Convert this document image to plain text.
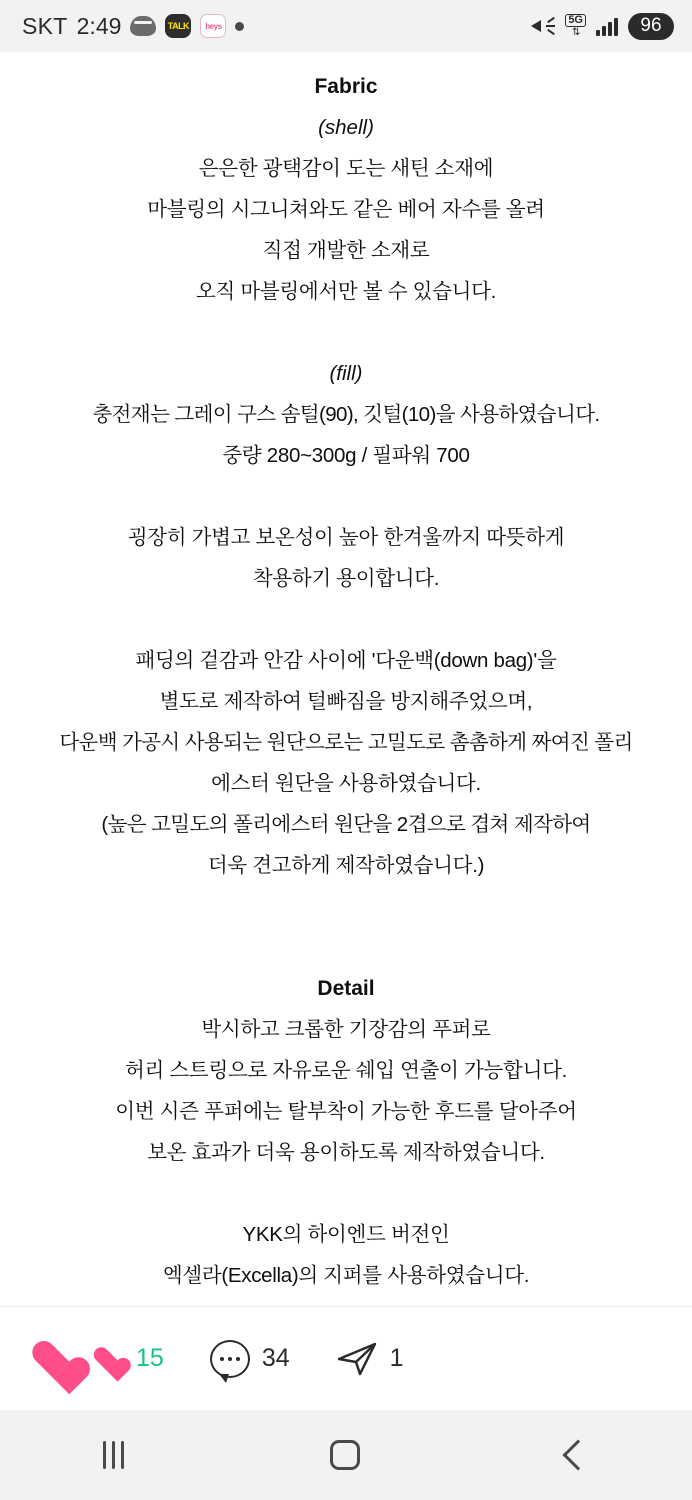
SKT 2:49	TALK	heys	5G
⇅	96
Fabric
(shell)
은은한 광택감이 도는 새틴 소재에
마블링의 시그니쳐와도 같은 베어 자수를 올려
직접 개발한 소재로
오직 마블링에서만 볼 수 있습니다.
(fill)
충전재는 그레이 구스 솜털(90), 깃털(10)을 사용하였습니다.
중량 280~300g / 필파워 700
굉장히 가볍고 보온성이 높아 한겨울까지 따뜻하게
착용하기 용이합니다.
패딩의 겉감과 안감 사이에 '다운백(down bag)'을
별도로 제작하여 털빠짐을 방지해주었으며,
다운백 가공시 사용되는 원단으로는 고밀도로 촘촘하게 짜여진 폴리
에스터 원단을 사용하였습니다.
(높은 고밀도의 폴리에스터 원단을 2겹으로 겹쳐 제작하여
더욱 견고하게 제작하였습니다.)
Detail
박시하고 크롭한 기장감의 푸퍼로
허리 스트링으로 자유로운 쉐입 연출이 가능합니다.
이번 시즌 푸퍼에는 탈부착이 가능한 후드를 달아주어
보온 효과가 더욱 용이하도록 제작하였습니다.
YKK의 하이엔드 버전인
엑셀라(Excella)의 지퍼를 사용하였습니다.
15	34	1
